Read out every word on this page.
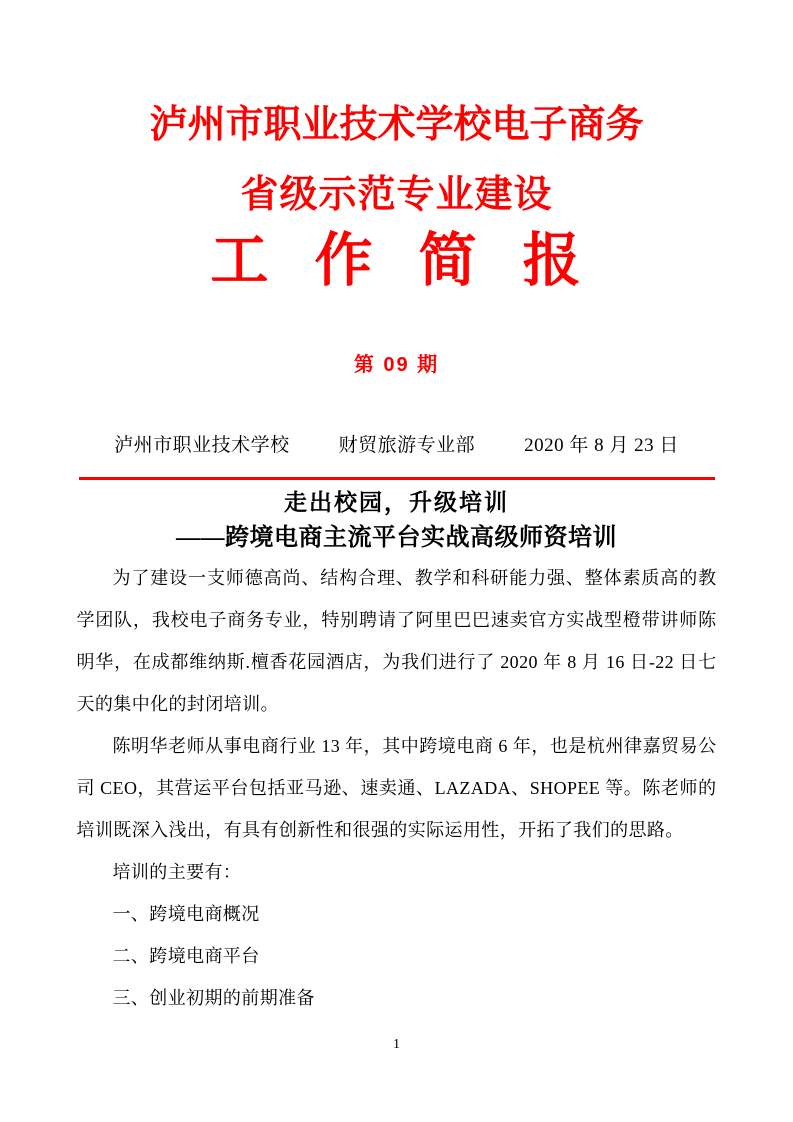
泸州市职业技术学校电子商务
省级示范专业建设
工 作 简 报
第 09 期
泸州市职业技术学校	财贸旅游专业部	2020 年 8 月 23 日
走出校园，升级培训
——跨境电商主流平台实战高级师资培训

为了建设一支师德高尚、结构合理、教学和科研能力强、整体素质高的教学团队，我校电子商务专业，特别聘请了阿里巴巴速卖官方实战型橙带讲师陈明华，在成都维纳斯.檀香花园酒店，为我们进行了 2020 年 8 月 16 日-22 日七天的集中化的封闭培训。

陈明华老师从事电商行业 13 年，其中跨境电商 6 年，也是杭州律嘉贸易公司 CEO，其营运平台包括亚马逊、速卖通、LAZADA、SHOPEE 等。陈老师的培训既深入浅出，有具有创新性和很强的实际运用性，开拓了我们的思路。

培训的主要有：

一、跨境电商概况

二、跨境电商平台

三、创业初期的前期准备

1
